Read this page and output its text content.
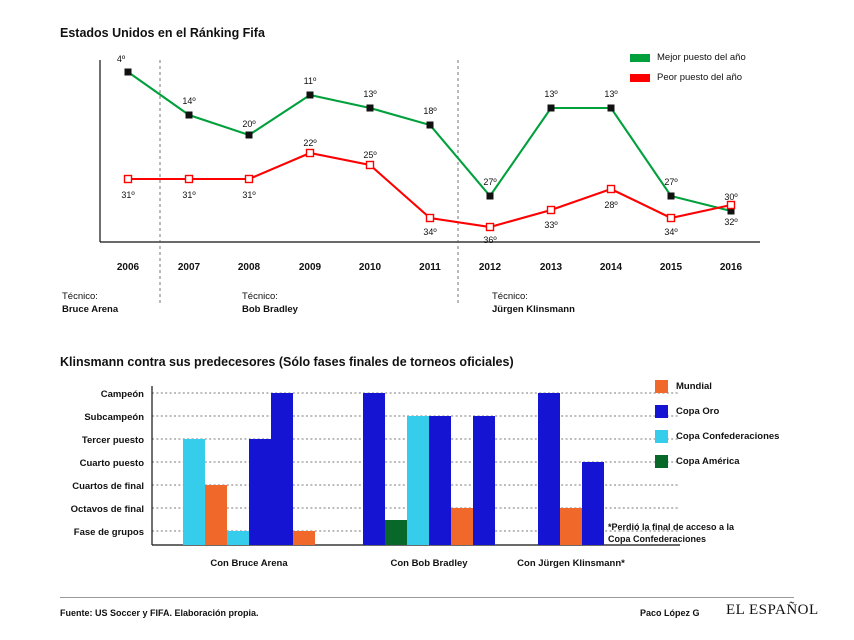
Estados Unidos en el Ránking Fifa
4º
14º
20º
11º
13º
18º
27º
13º	13º
27º
30º
31º	31º	31º
22º
25º
34º
36º
33º
28º
34º
32º
2006	2007	2008	2009	2010	2011	2012	2013	2014	2015	2016
Mejor puesto del año
Peor puesto del año
Técnico:
Bruce Arena
Técnico:
Bob Bradley
Técnico:
Jürgen Klinsmann
Klinsmann contra sus predecesores (Sólo fases finales de torneos oficiales)
Campeón
Subcampeón
Tercer puesto
Cuarto puesto
Cuartos de final
Octavos de final
Fase de grupos
Con Bruce Arena	Con Bob Bradley	Con Jürgen Klinsmann*
Mundial
Copa Oro
Copa Confederaciones
Copa América
*Perdió la final de acceso a la Copa Confederaciones
Fuente: US Soccer y FIFA. Elaboración propia.	Paco López G EL ESPAÑOL
